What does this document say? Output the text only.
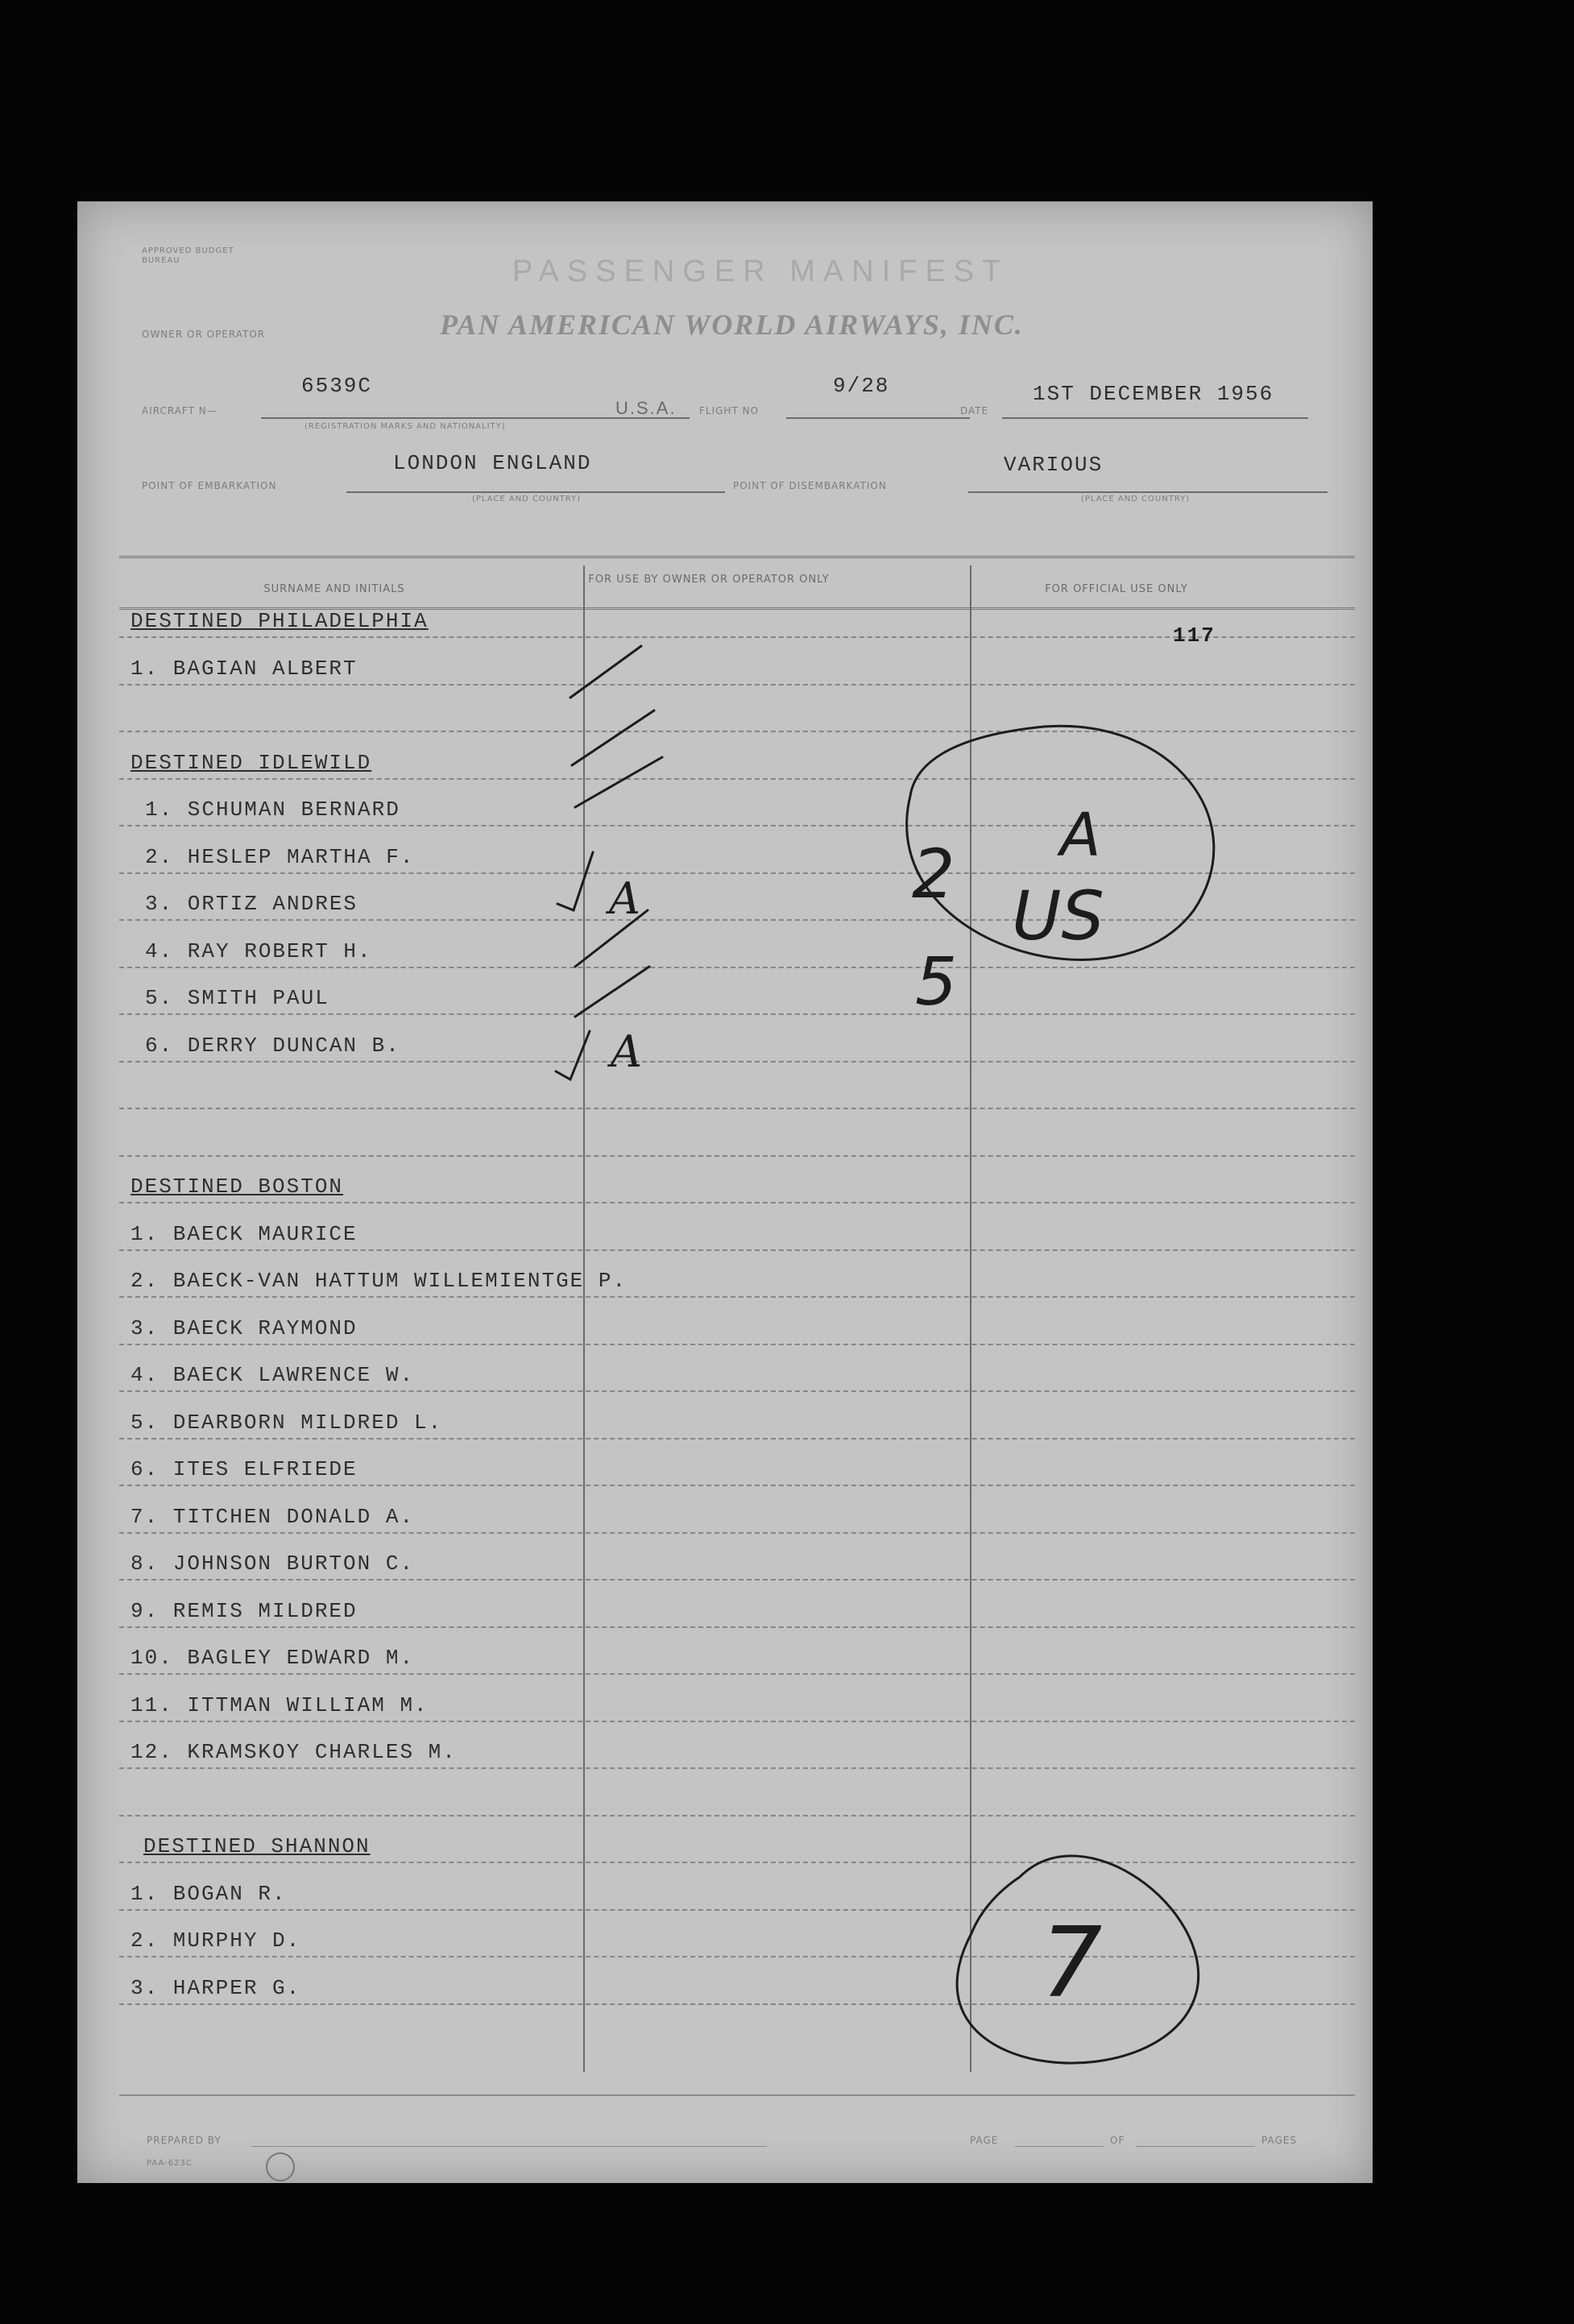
APPROVED BUDGET BUREAU	PASSENGER MANIFEST
OWNER OR OPERATOR	PAN AMERICAN WORLD AIRWAYS, INC.
AIRCRAFT N—
6539C
(REGISTRATION MARKS AND NATIONALITY)
U.S.A. FLIGHT NO
9/28
DATE
1ST DECEMBER 1956
POINT OF EMBARKATION
LONDON ENGLAND
(PLACE AND COUNTRY)
POINT OF DISEMBARKATION
VARIOUS
(PLACE AND COUNTRY)
SURNAME AND INITIALS
FOR USE BY OWNER OR OPERATOR ONLY
FOR OFFICIAL USE ONLY
DESTINED PHILADELPHIA
1. BAGIAN ALBERT
DESTINED IDLEWILD
1. SCHUMAN BERNARD
2. HESLEP MARTHA F.
3. ORTIZ ANDRES
4. RAY ROBERT H.
5. SMITH PAUL
6. DERRY DUNCAN B.
DESTINED BOSTON
1. BAECK MAURICE
2. BAECK-VAN HATTUM WILLEMIENTGE P.
3. BAECK RAYMOND
4. BAECK LAWRENCE W.
5. DEARBORN MILDRED L.
6. ITES ELFRIEDE
7. TITCHEN DONALD A.
8. JOHNSON BURTON C.
9. REMIS MILDRED
10. BAGLEY EDWARD M.
11. ITTMAN WILLIAM M.
12. KRAMSKOY CHARLES M.
DESTINED SHANNON
1. BOGAN R.
2. MURPHY D.
3. HARPER G.
117
A
A
2 A
5
US
7
PREPARED BY
PAA-623C
PAGE	OF	PAGES
